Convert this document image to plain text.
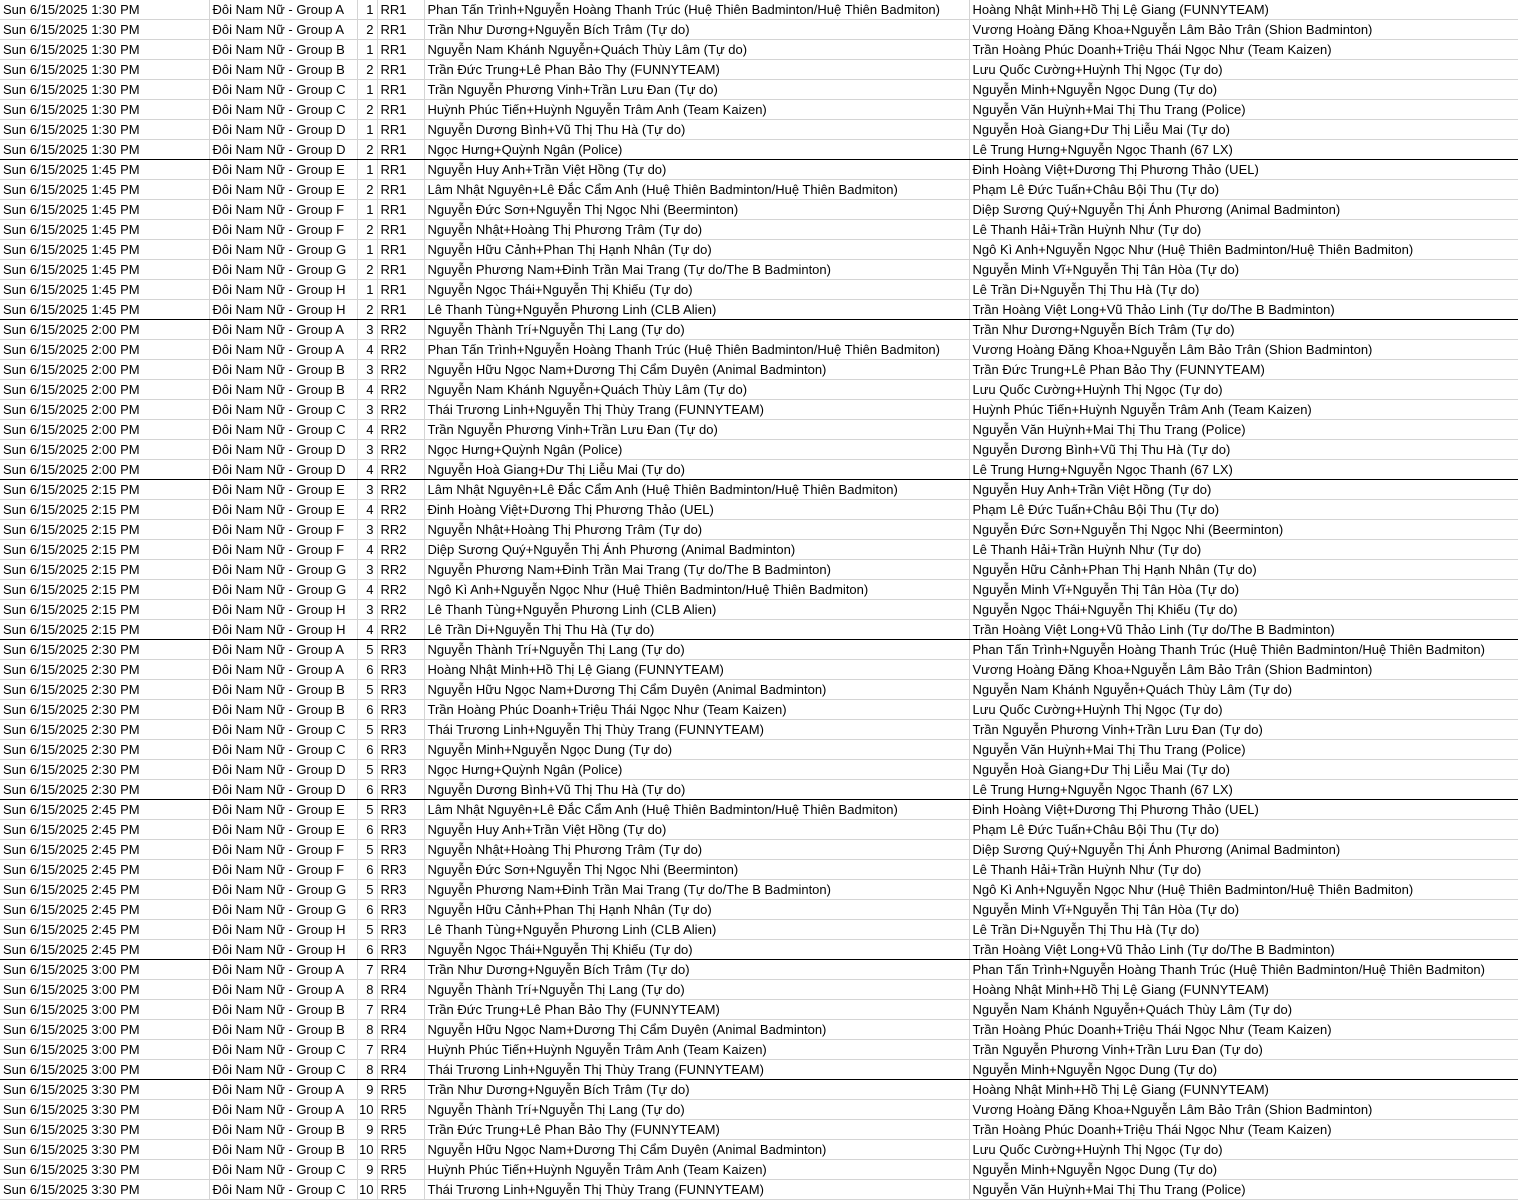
Sun 6/15/2025 1:30 PM	Đôi Nam Nữ - Group A	1	RR1	Phan Tấn Trình+Nguyễn Hoàng Thanh Trúc (Huệ Thiên Badminton/Huệ Thiên Badmiton)	Hoàng Nhật Minh+Hồ Thị Lệ Giang (FUNNYTEAM)
Sun 6/15/2025 1:30 PM	Đôi Nam Nữ - Group A	2	RR1	Trần Như Dương+Nguyễn Bích Trâm (Tự do)	Vương Hoàng Đăng Khoa+Nguyễn Lâm Bảo Trân (Shion Badminton)
Sun 6/15/2025 1:30 PM	Đôi Nam Nữ - Group B	1	RR1	Nguyễn Nam Khánh Nguyễn+Quách Thùy Lâm (Tự do)	Trần Hoàng Phúc Doanh+Triệu Thái Ngọc Như (Team Kaizen)
Sun 6/15/2025 1:30 PM	Đôi Nam Nữ - Group B	2	RR1	Trần Đức Trung+Lê Phan Bảo Thy (FUNNYTEAM)	Lưu Quốc Cường+Huỳnh Thị Ngọc (Tự do)
Sun 6/15/2025 1:30 PM	Đôi Nam Nữ - Group C	1	RR1	Trần Nguyễn Phương Vinh+Trần Lưu Đan (Tự do)	Nguyễn Minh+Nguyễn Ngọc Dung (Tự do)
Sun 6/15/2025 1:30 PM	Đôi Nam Nữ - Group C	2	RR1	Huỳnh Phúc Tiến+Huỳnh Nguyễn Trâm Anh (Team Kaizen)	Nguyễn Văn Huỳnh+Mai Thị Thu Trang (Police)
Sun 6/15/2025 1:30 PM	Đôi Nam Nữ - Group D	1	RR1	Nguyễn Dương Bình+Vũ Thị Thu Hà (Tự do)	Nguyễn Hoà Giang+Dư Thị Liễu Mai (Tự do)
Sun 6/15/2025 1:30 PM	Đôi Nam Nữ - Group D	2	RR1	Ngọc Hưng+Quỳnh Ngân (Police)	Lê Trung Hưng+Nguyễn Ngọc Thanh (67 LX)
Sun 6/15/2025 1:45 PM	Đôi Nam Nữ - Group E	1	RR1	Nguyễn Huy Anh+Trần Việt Hồng (Tự do)	Đinh Hoàng Việt+Dương Thị Phương Thảo (UEL)
Sun 6/15/2025 1:45 PM	Đôi Nam Nữ - Group E	2	RR1	Lâm Nhật Nguyên+Lê Đắc Cẩm Anh (Huệ Thiên Badminton/Huệ Thiên Badmiton)	Phạm Lê Đức Tuấn+Châu Bội Thu (Tự do)
Sun 6/15/2025 1:45 PM	Đôi Nam Nữ - Group F	1	RR1	Nguyễn Đức Sơn+Nguyễn Thị Ngọc Nhi (Beerminton)	Diệp Sương Quý+Nguyễn Thị Ánh Phương (Animal Badminton)
Sun 6/15/2025 1:45 PM	Đôi Nam Nữ - Group F	2	RR1	Nguyễn Nhật+Hoàng Thị Phương Trâm (Tự do)	Lê Thanh Hải+Trần Huỳnh Như (Tự do)
Sun 6/15/2025 1:45 PM	Đôi Nam Nữ - Group G	1	RR1	Nguyễn Hữu Cảnh+Phan Thị Hạnh Nhân (Tự do)	Ngô Kì Anh+Nguyễn Ngọc Như (Huệ Thiên Badminton/Huệ Thiên Badmiton)
Sun 6/15/2025 1:45 PM	Đôi Nam Nữ - Group G	2	RR1	Nguyễn Phương Nam+Đinh Trần Mai Trang (Tự do/The B Badminton)	Nguyễn Minh Vĩ+Nguyễn Thị Tân Hòa (Tự do)
Sun 6/15/2025 1:45 PM	Đôi Nam Nữ - Group H	1	RR1	Nguyễn Ngọc Thái+Nguyễn Thị Khiếu (Tự do)	Lê Trần Di+Nguyễn Thị Thu Hà (Tự do)
Sun 6/15/2025 1:45 PM	Đôi Nam Nữ - Group H	2	RR1	Lê Thanh Tùng+Nguyễn Phương Linh (CLB Alien)	Trần Hoàng Việt Long+Vũ Thảo Linh (Tự do/The B Badminton)
Sun 6/15/2025 2:00 PM	Đôi Nam Nữ - Group A	3	RR2	Nguyễn Thành Trí+Nguyễn Thị Lang (Tự do)	Trần Như Dương+Nguyễn Bích Trâm (Tự do)
Sun 6/15/2025 2:00 PM	Đôi Nam Nữ - Group A	4	RR2	Phan Tấn Trình+Nguyễn Hoàng Thanh Trúc (Huệ Thiên Badminton/Huệ Thiên Badmiton)	Vương Hoàng Đăng Khoa+Nguyễn Lâm Bảo Trân (Shion Badminton)
Sun 6/15/2025 2:00 PM	Đôi Nam Nữ - Group B	3	RR2	Nguyễn Hữu Ngọc Nam+Dương Thị Cẩm Duyên (Animal Badminton)	Trần Đức Trung+Lê Phan Bảo Thy (FUNNYTEAM)
Sun 6/15/2025 2:00 PM	Đôi Nam Nữ - Group B	4	RR2	Nguyễn Nam Khánh Nguyễn+Quách Thùy Lâm (Tự do)	Lưu Quốc Cường+Huỳnh Thị Ngọc (Tự do)
Sun 6/15/2025 2:00 PM	Đôi Nam Nữ - Group C	3	RR2	Thái Trương Linh+Nguyễn Thị Thùy Trang (FUNNYTEAM)	Huỳnh Phúc Tiến+Huỳnh Nguyễn Trâm Anh (Team Kaizen)
Sun 6/15/2025 2:00 PM	Đôi Nam Nữ - Group C	4	RR2	Trần Nguyễn Phương Vinh+Trần Lưu Đan (Tự do)	Nguyễn Văn Huỳnh+Mai Thị Thu Trang (Police)
Sun 6/15/2025 2:00 PM	Đôi Nam Nữ - Group D	3	RR2	Ngọc Hưng+Quỳnh Ngân (Police)	Nguyễn Dương Bình+Vũ Thị Thu Hà (Tự do)
Sun 6/15/2025 2:00 PM	Đôi Nam Nữ - Group D	4	RR2	Nguyễn Hoà Giang+Dư Thị Liễu Mai (Tự do)	Lê Trung Hưng+Nguyễn Ngọc Thanh (67 LX)
Sun 6/15/2025 2:15 PM	Đôi Nam Nữ - Group E	3	RR2	Lâm Nhật Nguyên+Lê Đắc Cẩm Anh (Huệ Thiên Badminton/Huệ Thiên Badmiton)	Nguyễn Huy Anh+Trần Việt Hồng (Tự do)
Sun 6/15/2025 2:15 PM	Đôi Nam Nữ - Group E	4	RR2	Đinh Hoàng Việt+Dương Thị Phương Thảo (UEL)	Phạm Lê Đức Tuấn+Châu Bội Thu (Tự do)
Sun 6/15/2025 2:15 PM	Đôi Nam Nữ - Group F	3	RR2	Nguyễn Nhật+Hoàng Thị Phương Trâm (Tự do)	Nguyễn Đức Sơn+Nguyễn Thị Ngọc Nhi (Beerminton)
Sun 6/15/2025 2:15 PM	Đôi Nam Nữ - Group F	4	RR2	Diệp Sương Quý+Nguyễn Thị Ánh Phương (Animal Badminton)	Lê Thanh Hải+Trần Huỳnh Như (Tự do)
Sun 6/15/2025 2:15 PM	Đôi Nam Nữ - Group G	3	RR2	Nguyễn Phương Nam+Đinh Trần Mai Trang (Tự do/The B Badminton)	Nguyễn Hữu Cảnh+Phan Thị Hạnh Nhân (Tự do)
Sun 6/15/2025 2:15 PM	Đôi Nam Nữ - Group G	4	RR2	Ngô Kì Anh+Nguyễn Ngọc Như (Huệ Thiên Badminton/Huệ Thiên Badmiton)	Nguyễn Minh Vĩ+Nguyễn Thị Tân Hòa (Tự do)
Sun 6/15/2025 2:15 PM	Đôi Nam Nữ - Group H	3	RR2	Lê Thanh Tùng+Nguyễn Phương Linh (CLB Alien)	Nguyễn Ngọc Thái+Nguyễn Thị Khiếu (Tự do)
Sun 6/15/2025 2:15 PM	Đôi Nam Nữ - Group H	4	RR2	Lê Trần Di+Nguyễn Thị Thu Hà (Tự do)	Trần Hoàng Việt Long+Vũ Thảo Linh (Tự do/The B Badminton)
Sun 6/15/2025 2:30 PM	Đôi Nam Nữ - Group A	5	RR3	Nguyễn Thành Trí+Nguyễn Thị Lang (Tự do)	Phan Tấn Trình+Nguyễn Hoàng Thanh Trúc (Huệ Thiên Badminton/Huệ Thiên Badmiton)
Sun 6/15/2025 2:30 PM	Đôi Nam Nữ - Group A	6	RR3	Hoàng Nhật Minh+Hồ Thị Lệ Giang (FUNNYTEAM)	Vương Hoàng Đăng Khoa+Nguyễn Lâm Bảo Trân (Shion Badminton)
Sun 6/15/2025 2:30 PM	Đôi Nam Nữ - Group B	5	RR3	Nguyễn Hữu Ngọc Nam+Dương Thị Cẩm Duyên (Animal Badminton)	Nguyễn Nam Khánh Nguyễn+Quách Thùy Lâm (Tự do)
Sun 6/15/2025 2:30 PM	Đôi Nam Nữ - Group B	6	RR3	Trần Hoàng Phúc Doanh+Triệu Thái Ngọc Như (Team Kaizen)	Lưu Quốc Cường+Huỳnh Thị Ngọc (Tự do)
Sun 6/15/2025 2:30 PM	Đôi Nam Nữ - Group C	5	RR3	Thái Trương Linh+Nguyễn Thị Thùy Trang (FUNNYTEAM)	Trần Nguyễn Phương Vinh+Trần Lưu Đan (Tự do)
Sun 6/15/2025 2:30 PM	Đôi Nam Nữ - Group C	6	RR3	Nguyễn Minh+Nguyễn Ngọc Dung (Tự do)	Nguyễn Văn Huỳnh+Mai Thị Thu Trang (Police)
Sun 6/15/2025 2:30 PM	Đôi Nam Nữ - Group D	5	RR3	Ngọc Hưng+Quỳnh Ngân (Police)	Nguyễn Hoà Giang+Dư Thị Liễu Mai (Tự do)
Sun 6/15/2025 2:30 PM	Đôi Nam Nữ - Group D	6	RR3	Nguyễn Dương Bình+Vũ Thị Thu Hà (Tự do)	Lê Trung Hưng+Nguyễn Ngọc Thanh (67 LX)
Sun 6/15/2025 2:45 PM	Đôi Nam Nữ - Group E	5	RR3	Lâm Nhật Nguyên+Lê Đắc Cẩm Anh (Huệ Thiên Badminton/Huệ Thiên Badmiton)	Đinh Hoàng Việt+Dương Thị Phương Thảo (UEL)
Sun 6/15/2025 2:45 PM	Đôi Nam Nữ - Group E	6	RR3	Nguyễn Huy Anh+Trần Việt Hồng (Tự do)	Phạm Lê Đức Tuấn+Châu Bội Thu (Tự do)
Sun 6/15/2025 2:45 PM	Đôi Nam Nữ - Group F	5	RR3	Nguyễn Nhật+Hoàng Thị Phương Trâm (Tự do)	Diệp Sương Quý+Nguyễn Thị Ánh Phương (Animal Badminton)
Sun 6/15/2025 2:45 PM	Đôi Nam Nữ - Group F	6	RR3	Nguyễn Đức Sơn+Nguyễn Thị Ngọc Nhi (Beerminton)	Lê Thanh Hải+Trần Huỳnh Như (Tự do)
Sun 6/15/2025 2:45 PM	Đôi Nam Nữ - Group G	5	RR3	Nguyễn Phương Nam+Đinh Trần Mai Trang (Tự do/The B Badminton)	Ngô Kì Anh+Nguyễn Ngọc Như (Huệ Thiên Badminton/Huệ Thiên Badmiton)
Sun 6/15/2025 2:45 PM	Đôi Nam Nữ - Group G	6	RR3	Nguyễn Hữu Cảnh+Phan Thị Hạnh Nhân (Tự do)	Nguyễn Minh Vĩ+Nguyễn Thị Tân Hòa (Tự do)
Sun 6/15/2025 2:45 PM	Đôi Nam Nữ - Group H	5	RR3	Lê Thanh Tùng+Nguyễn Phương Linh (CLB Alien)	Lê Trần Di+Nguyễn Thị Thu Hà (Tự do)
Sun 6/15/2025 2:45 PM	Đôi Nam Nữ - Group H	6	RR3	Nguyễn Ngọc Thái+Nguyễn Thị Khiếu (Tự do)	Trần Hoàng Việt Long+Vũ Thảo Linh (Tự do/The B Badminton)
Sun 6/15/2025 3:00 PM	Đôi Nam Nữ - Group A	7	RR4	Trần Như Dương+Nguyễn Bích Trâm (Tự do)	Phan Tấn Trình+Nguyễn Hoàng Thanh Trúc (Huệ Thiên Badminton/Huệ Thiên Badmiton)
Sun 6/15/2025 3:00 PM	Đôi Nam Nữ - Group A	8	RR4	Nguyễn Thành Trí+Nguyễn Thị Lang (Tự do)	Hoàng Nhật Minh+Hồ Thị Lệ Giang (FUNNYTEAM)
Sun 6/15/2025 3:00 PM	Đôi Nam Nữ - Group B	7	RR4	Trần Đức Trung+Lê Phan Bảo Thy (FUNNYTEAM)	Nguyễn Nam Khánh Nguyễn+Quách Thùy Lâm (Tự do)
Sun 6/15/2025 3:00 PM	Đôi Nam Nữ - Group B	8	RR4	Nguyễn Hữu Ngọc Nam+Dương Thị Cẩm Duyên (Animal Badminton)	Trần Hoàng Phúc Doanh+Triệu Thái Ngọc Như (Team Kaizen)
Sun 6/15/2025 3:00 PM	Đôi Nam Nữ - Group C	7	RR4	Huỳnh Phúc Tiến+Huỳnh Nguyễn Trâm Anh (Team Kaizen)	Trần Nguyễn Phương Vinh+Trần Lưu Đan (Tự do)
Sun 6/15/2025 3:00 PM	Đôi Nam Nữ - Group C	8	RR4	Thái Trương Linh+Nguyễn Thị Thùy Trang (FUNNYTEAM)	Nguyễn Minh+Nguyễn Ngọc Dung (Tự do)
Sun 6/15/2025 3:30 PM	Đôi Nam Nữ - Group A	9	RR5	Trần Như Dương+Nguyễn Bích Trâm (Tự do)	Hoàng Nhật Minh+Hồ Thị Lệ Giang (FUNNYTEAM)
Sun 6/15/2025 3:30 PM	Đôi Nam Nữ - Group A	10	RR5	Nguyễn Thành Trí+Nguyễn Thị Lang (Tự do)	Vương Hoàng Đăng Khoa+Nguyễn Lâm Bảo Trân (Shion Badminton)
Sun 6/15/2025 3:30 PM	Đôi Nam Nữ - Group B	9	RR5	Trần Đức Trung+Lê Phan Bảo Thy (FUNNYTEAM)	Trần Hoàng Phúc Doanh+Triệu Thái Ngọc Như (Team Kaizen)
Sun 6/15/2025 3:30 PM	Đôi Nam Nữ - Group B	10	RR5	Nguyễn Hữu Ngọc Nam+Dương Thị Cẩm Duyên (Animal Badminton)	Lưu Quốc Cường+Huỳnh Thị Ngọc (Tự do)
Sun 6/15/2025 3:30 PM	Đôi Nam Nữ - Group C	9	RR5	Huỳnh Phúc Tiến+Huỳnh Nguyễn Trâm Anh (Team Kaizen)	Nguyễn Minh+Nguyễn Ngọc Dung (Tự do)
Sun 6/15/2025 3:30 PM	Đôi Nam Nữ - Group C	10	RR5	Thái Trương Linh+Nguyễn Thị Thùy Trang (FUNNYTEAM)	Nguyễn Văn Huỳnh+Mai Thị Thu Trang (Police)
